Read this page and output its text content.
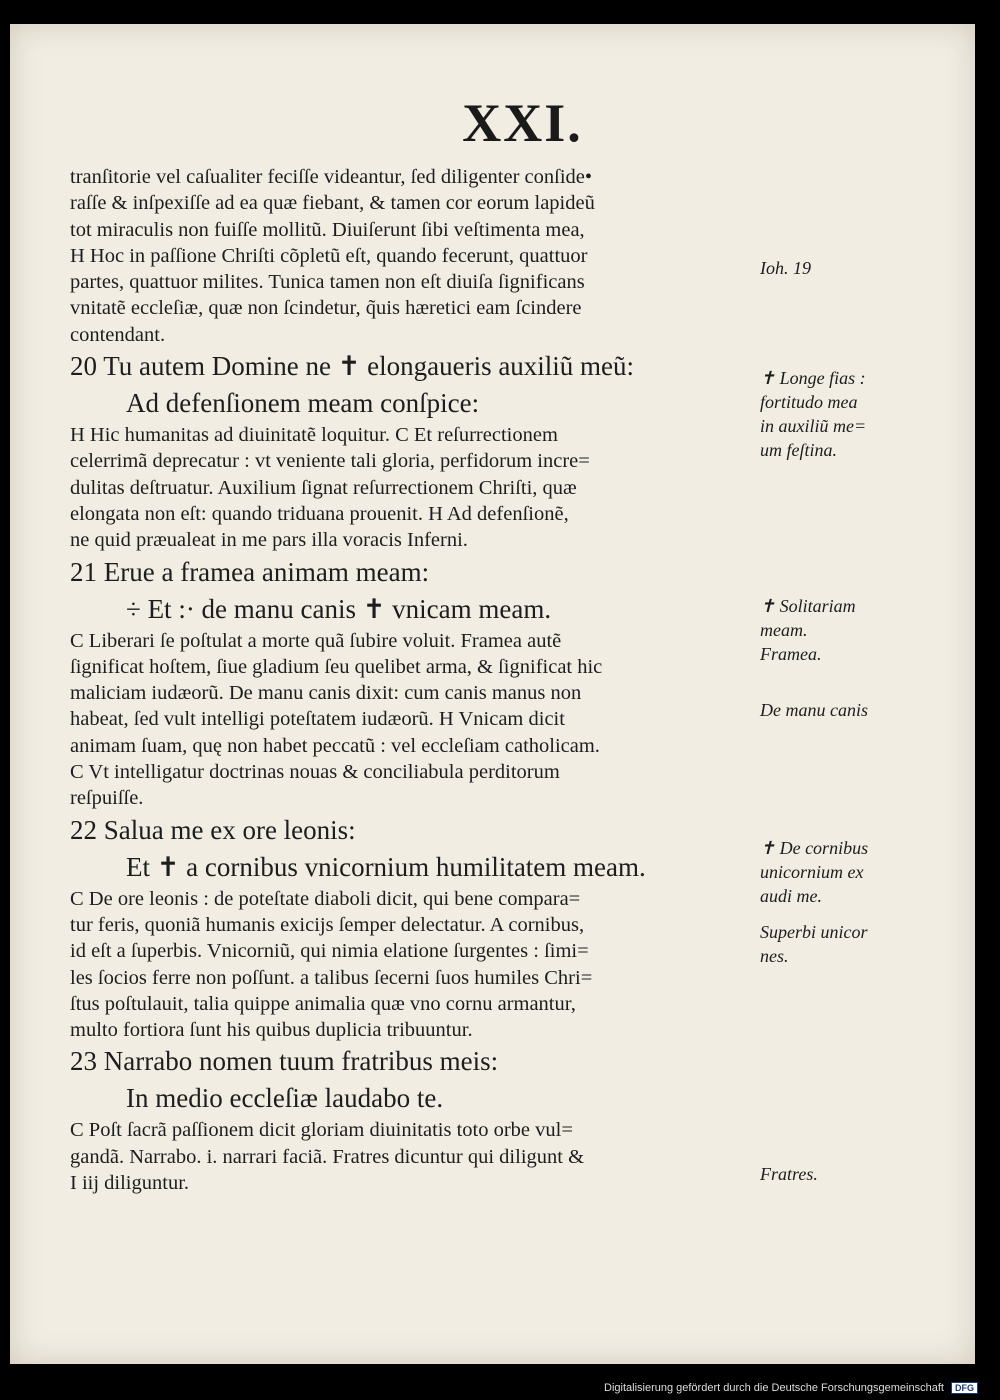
XXI.
tranſitorie vel caſualiter feciſſe videantur, ſed diligenter conſide•
raſſe & inſpexiſſe ad ea quæ fiebant, & tamen cor eorum lapideũ
tot miraculis non fuiſſe mollitũ. Diuiſerunt ſibi veſtimenta mea,
H Hoc in paſſione Chriſti cõpletũ eſt, quando fecerunt, quattuor
partes, quattuor milites. Tunica tamen non eſt diuiſa ſignificans
vnitatẽ eccleſiæ, quæ non ſcindetur, q̃uis hæretici eam ſcindere
contendant.
20 Tu autem Domine ne ✝ elongaueris auxiliũ meũ:
Ad defenſionem meam conſpice:
H Hic humanitas ad diuinitatẽ loquitur. C Et reſurrectionem
celerrimã deprecatur : vt veniente tali gloria, perfidorum incre=
dulitas deſtruatur. Auxilium ſignat reſurrectionem Chriſti, quæ
elongata non eſt: quando triduana prouenit. H Ad defenſionẽ,
ne quid præualeat in me pars illa voracis Inferni.
21 Erue a framea animam meam:
÷ Et :· de manu canis ✝ vnicam meam.
C Liberari ſe poſtulat a morte quã ſubire voluit. Framea autẽ
ſignificat hoſtem, ſiue gladium ſeu quelibet arma, & ſignificat hic
maliciam iudæorũ. De manu canis dixit: cum canis manus non
habeat, ſed vult intelligi poteſtatem iudæorũ. H Vnicam dicit
animam ſuam, quę non habet peccatũ : vel eccleſiam catholicam.
C Vt intelligatur doctrinas nouas & conciliabula perditorum
reſpuiſſe.
22 Salua me ex ore leonis:
Et ✝ a cornibus vnicornium humilitatem meam.
C De ore leonis : de poteſtate diaboli dicit, qui bene compara=
tur feris, quoniã humanis exicijs ſemper delectatur. A cornibus,
id eſt a ſuperbis. Vnicorniũ, qui nimia elatione ſurgentes : ſimi=
les ſocios ferre non poſſunt. a talibus ſecerni ſuos humiles Chri=
ſtus poſtulauit, talia quippe animalia quæ vno cornu armantur,
multo fortiora ſunt his quibus duplicia tribuuntur.
23 Narrabo nomen tuum fratribus meis:
In medio eccleſiæ laudabo te.
C Poſt ſacrã paſſionem dicit gloriam diuinitatis toto orbe vul=
gandã. Narrabo. i. narrari faciã. Fratres dicuntur qui diligunt &
I iij diliguntur.
Ioh. 19
✝ Longe fias :
fortitudo mea
in auxiliũ me=
um feſtina.
✝ Solitariam
meam.
Framea.
De manu canis
✝ De cornibus
unicornium ex
audi me.
Superbi unicor
nes.
Fratres.
Digitalisierung gefördert durch die Deutsche Forschungsgemeinschaft DFG
